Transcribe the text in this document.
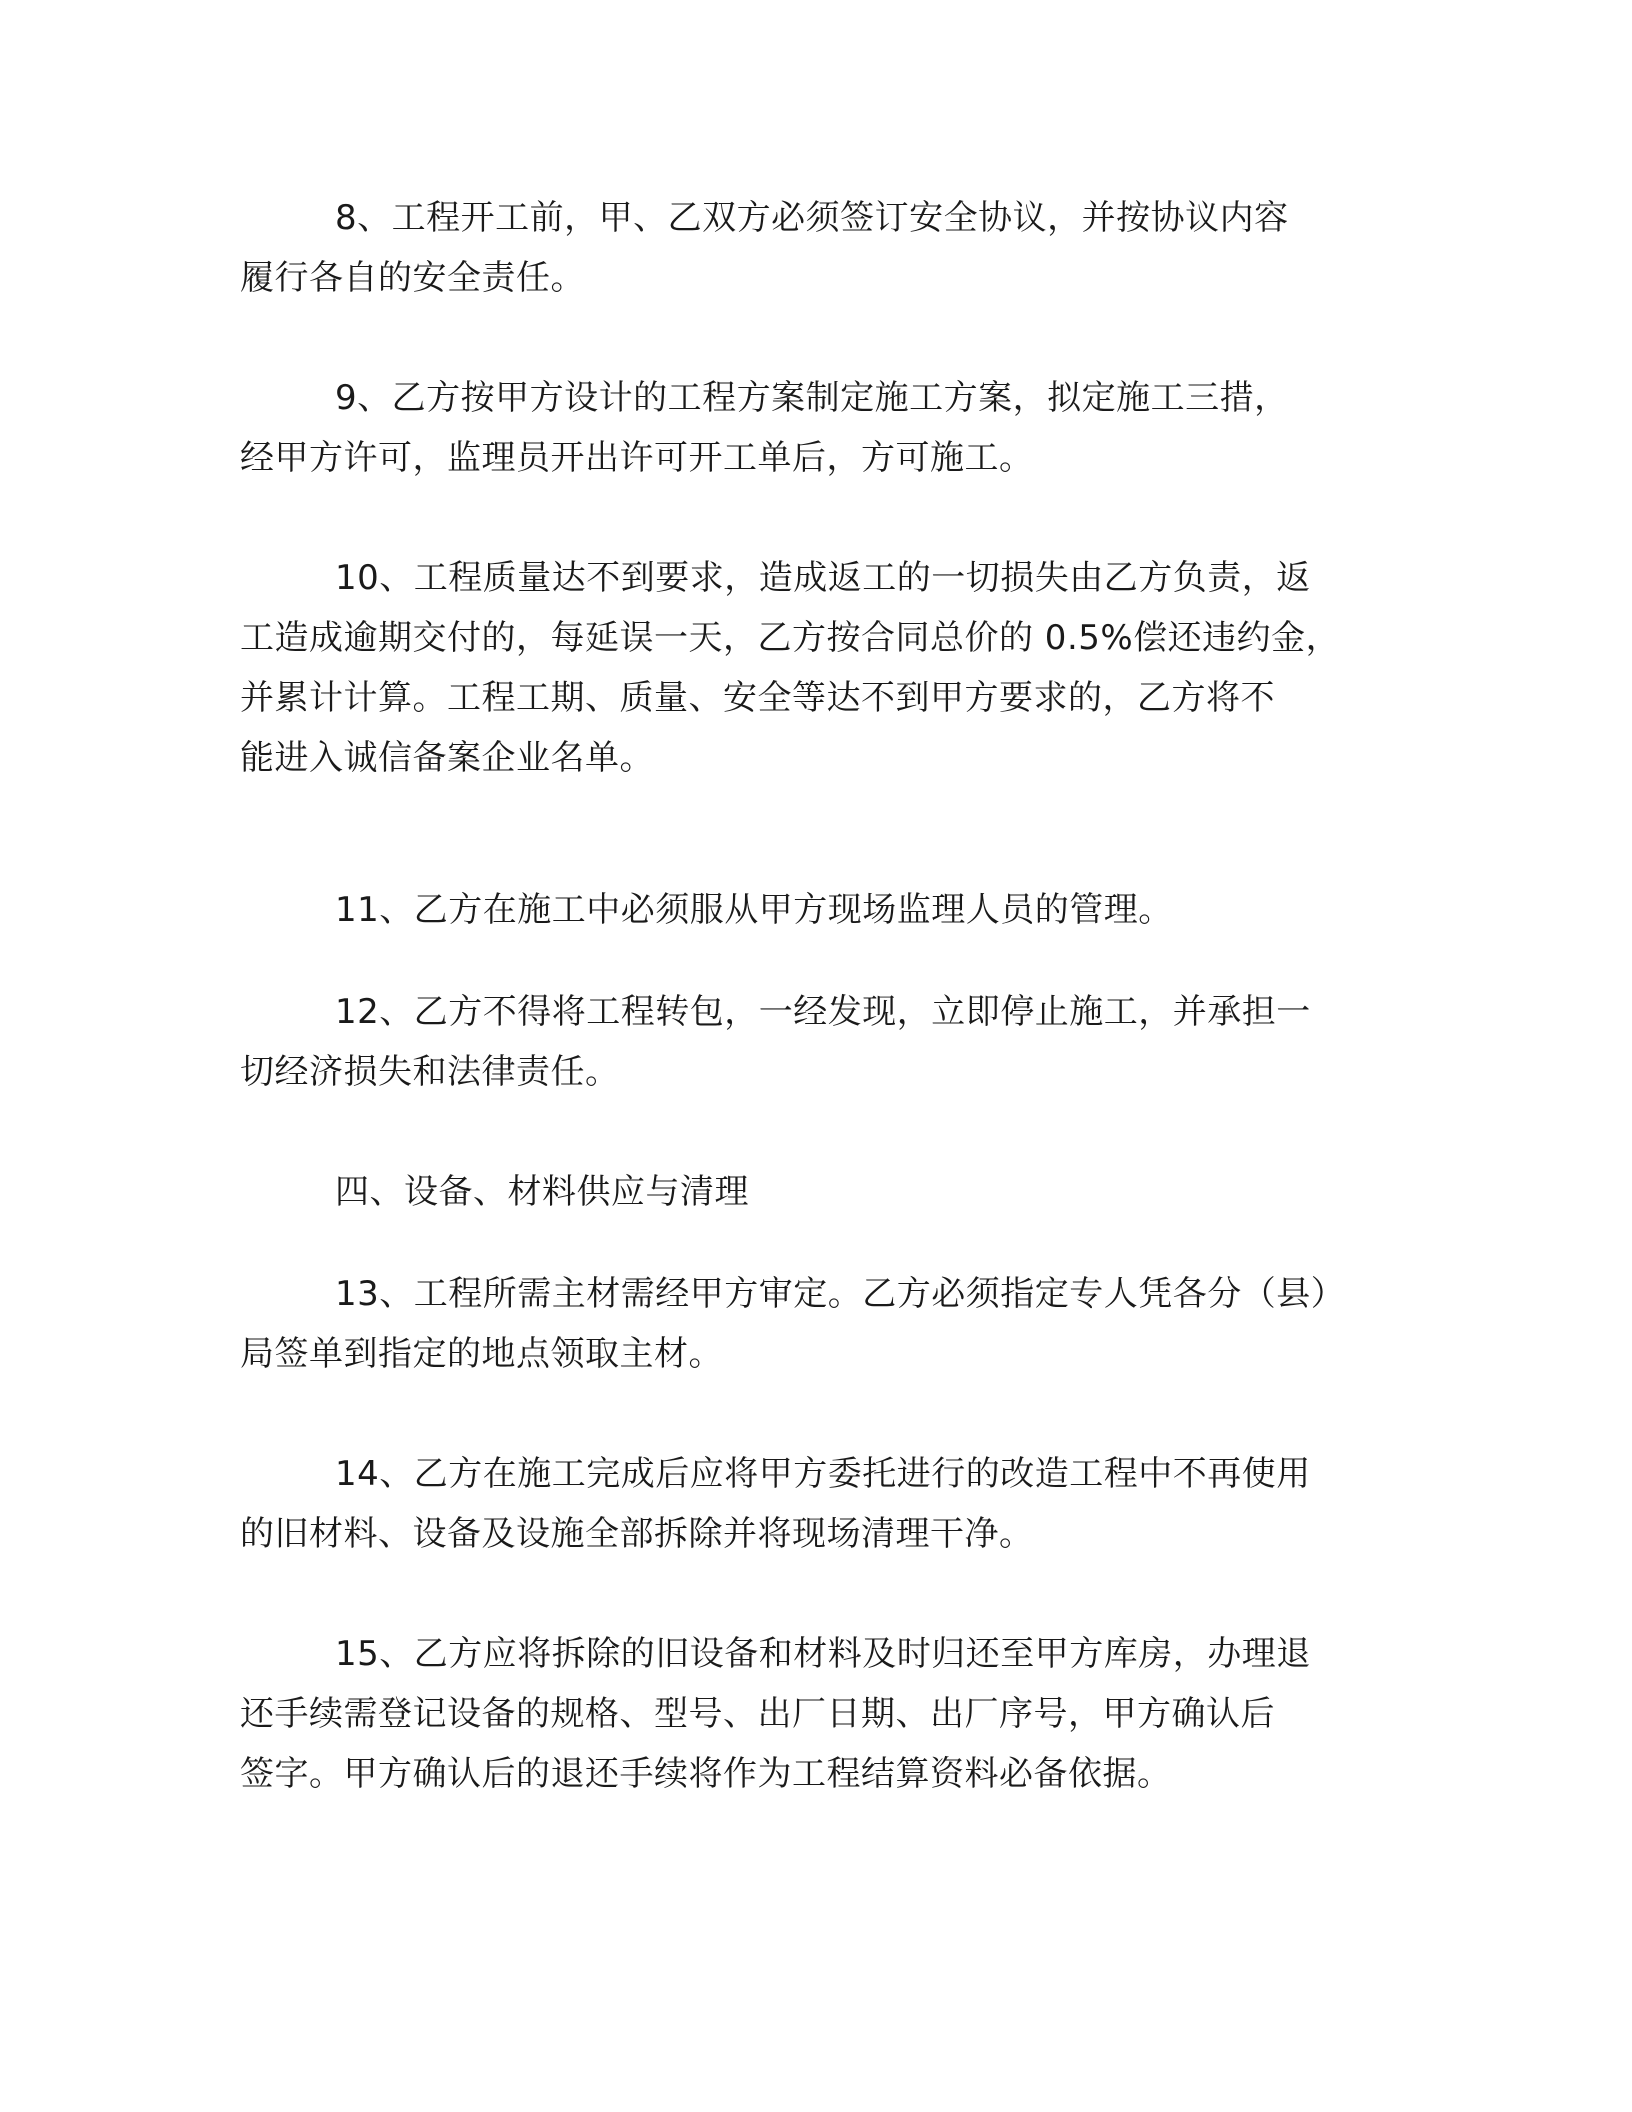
8、工程开工前，甲、乙双方必须签订安全协议，并按协议内容
履行各自的安全责任。
9、乙方按甲方设计的工程方案制定施工方案，拟定施工三措，
经甲方许可，监理员开出许可开工单后，方可施工。
10、工程质量达不到要求，造成返工的一切损失由乙方负责，返
工造成逾期交付的，每延误一天，乙方按合同总价的 0.5%偿还违约金，
并累计计算。工程工期、质量、安全等达不到甲方要求的，乙方将不
能进入诚信备案企业名单。
11、乙方在施工中必须服从甲方现场监理人员的管理。
12、乙方不得将工程转包，一经发现，立即停止施工，并承担一
切经济损失和法律责任。
四、设备、材料供应与清理
13、工程所需主材需经甲方审定。乙方必须指定专人凭各分（县）
局签单到指定的地点领取主材。
14、乙方在施工完成后应将甲方委托进行的改造工程中不再使用
的旧材料、设备及设施全部拆除并将现场清理干净。
15、乙方应将拆除的旧设备和材料及时归还至甲方库房，办理退
还手续需登记设备的规格、型号、出厂日期、出厂序号，甲方确认后
签字。甲方确认后的退还手续将作为工程结算资料必备依据。
